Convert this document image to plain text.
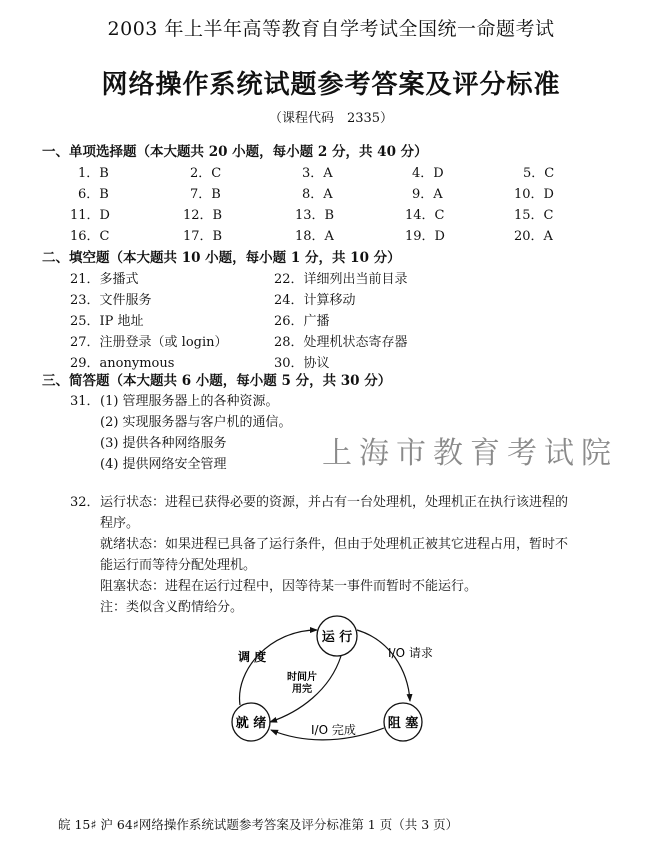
2003 年上半年高等教育自学考试全国统一命题考试
网络操作系统试题参考答案及评分标准
（课程代码　2335）
一、单项选择题（本大题共 20 小题，每小题 2 分，共 40 分）
1．B	2．C	3．A	4．D	5．C
6．B	7．B	8．A	9．A	10．D
11．D	12．B	13．B	14．C	15．C
16．C	17．B	18．A	19．D	20．A
二、填空题（本大题共 10 小题，每小题 1 分，共 10 分）
21．多播式	22．详细列出当前目录
23．文件服务	24．计算移动
25．IP 地址	26．广播
27．注册登录（或 login）	28．处理机状态寄存器
29．anonymous	30．协议
三、简答题（本大题共 6 小题，每小题 5 分，共 30 分）
31． (1) 管理服务器上的各种资源。
(2) 实现服务器与客户机的通信。
(3) 提供各种网络服务
(4) 提供网络安全管理	上海市教育考试院
32． 运行状态：进程已获得必要的资源，并占有一台处理机，处理机正在执行该进程的
程序。
就绪状态：如果进程已具备了运行条件，但由于处理机正被其它进程占用，暂时不
能运行而等待分配处理机。
阻塞状态：进程在运行过程中，因等待某一事件而暂时不能运行。
注：类似含义酌情给分。
运 行
就 绪	阻 塞
调 度
时间片
用完
I/O 请求
I/O 完成
皖 15♯ 沪 64♯网络操作系统试题参考答案及评分标准第 1 页（共 3 页）
